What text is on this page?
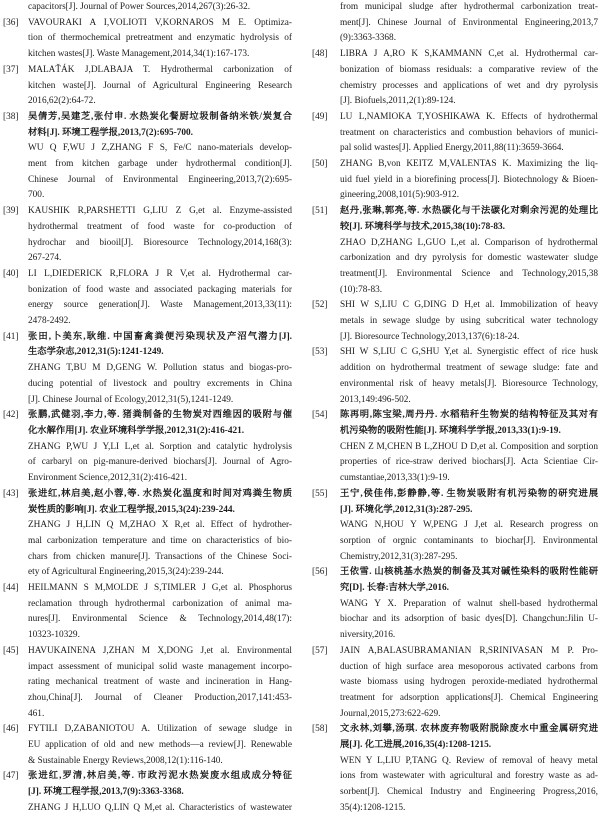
capacitors[J]. Journal of Power Sources,2014,267(3):26-32.
[36]	VAVOURAKI A I,VOLIOTI V,KORNAROS M E. Optimiza-
tion of thermochemical pretreatment and enzymatic hydrolysis of
kitchen wastes[J]. Waste Management,2014,34(1):167-173.
[37]	MALAŤÁK J,DLABAJA T. Hydrothermal carbonization of
kitchen waste[J]. Journal of Agricultural Engineering Research
2016,62(2):64-72.
[38]	吴倩芳,吴建芝,张付申. 水热炭化餐厨垃圾制备纳米铁/炭复合
材料[J]. 环境工程学报,2013,7(2):695-700.
WU Q F,WU J Z,ZHANG F S, Fe/C nano-materials develop-
ment from kitchen garbage under hydrothermal condition[J].
Chinese Journal of Environmental Engineering,2013,7(2):695-
700.
[39]	KAUSHIK R,PARSHETTI G,LIU Z G,et al. Enzyme-assisted
hydrothermal treatment of food waste for co-production of
hydrochar and biooil[J]. Bioresource Technology,2014,168(3):
267-274.
[40]	LI L,DIEDERICK R,FLORA J R V,et al. Hydrothermal car-
bonization of food waste and associated packaging materials for
energy source generation[J]. Waste Management,2013,33(11):
2478-2492.
[41]	张田,卜美东,耿维. 中国畜禽粪便污染现状及产沼气潜力[J].
生态学杂志,2012,31(5):1241-1249.
ZHANG T,BU M D,GENG W. Pollution status and biogas-pro-
ducing potential of livestock and poultry excrements in China
[J]. Chinese Journal of Ecology,2012,31(5),1241-1249.
[42]	张鹏,武健羽,李力,等. 猪粪制备的生物炭对西维因的吸附与催
化水解作用[J]. 农业环境科学学报,2012,31(2):416-421.
ZHANG P,WU J Y,LI L,et al. Sorption and catalytic hydrolysis
of carbaryl on pig-manure-derived biochars[J]. Journal of Agro-
Environment Science,2012,31(2):416-421.
[43]	张进红,林启美,赵小蓉,等. 水热炭化温度和时间对鸡粪生物质
炭性质的影响[J]. 农业工程学报,2015,3(24):239-244.
ZHANG J H,LIN Q M,ZHAO X R,et al. Effect of hydrother-
mal carbonization temperature and time on characteristics of bio-
chars from chicken manure[J]. Transactions of the Chinese Soci-
ety of Agricultural Engineering,2015,3(24):239-244.
[44]	HEILMANN S M,MOLDE J S,TIMLER J G,et al. Phosphorus
reclamation through hydrothermal carbonization of animal ma-
nures[J]. Environmental Science & Technology,2014,48(17):
10323-10329.
[45]	HAVUKAINENA J,ZHAN M X,DONG J,et al. Environmental
impact assessment of municipal solid waste management incorpo-
rating mechanical treatment of waste and incineration in Hang-
zhou,China[J]. Journal of Cleaner Production,2017,141:453-
461.
[46]	FYTILI D,ZABANIOTOU A. Utilization of sewage sludge in
EU application of old and new methods—a review[J]. Renewable
& Sustainable Energy Reviews,2008,12(1):116-140.
[47]	张进红,罗清,林启美,等. 市政污泥水热炭废水组成成分特征
[J]. 环境工程学报,2013,7(9):3363-3368.
ZHANG J H,LUO Q,LIN Q M,et al. Characteristics of wastewater
from municipal sludge after hydrothermal carbonization treat-
ment[J]. Chinese Journal of Environmental Engineering,2013,7
(9):3363-3368.
[48]	LIBRA J A,RO K S,KAMMANN C,et al. Hydrothermal car-
bonization of biomass residuals: a comparative review of the
chemistry processes and applications of wet and dry pyrolysis
[J]. Biofuels,2011,2(1):89-124.
[49]	LU L,NAMIOKA T,YOSHIKAWA K. Effects of hydrothermal
treatment on characteristics and combustion behaviors of munici-
pal solid wastes[J]. Applied Energy,2011,88(11):3659-3664.
[50]	ZHANG B,von KEITZ M,VALENTAS K. Maximizing the liq-
uid fuel yield in a biorefining process[J]. Biotechnology & Bioen-
gineering,2008,101(5):903-912.
[51]	赵丹,张琳,郭亮,等. 水热碳化与干法碳化对剩余污泥的处理比
较[J]. 环境科学与技术,2015,38(10):78-83.
ZHAO D,ZHANG L,GUO L,et al. Comparison of hydrothermal
carbonization and dry pyrolysis for domestic wastewater sludge
treatment[J]. Environmental Science and Technology,2015,38
(10):78-83.
[52]	SHI W S,LIU C G,DING D H,et al. Immobilization of heavy
metals in sewage sludge by using subcritical water technology
[J]. Bioresource Technology,2013,137(6):18-24.
[53]	SHI W S,LIU C G,SHU Y,et al. Synergistic effect of rice husk
addition on hydrothermal treatment of sewage sludge: fate and
environmental risk of heavy metals[J]. Bioresource Technology,
2013,149:496-502.
[54]	陈再明,陈宝梁,周丹丹. 水稻秸秆生物炭的结构特征及其对有
机污染物的吸附性能[J]. 环境科学学报,2013,33(1):9-19.
CHEN Z M,CHEN B L,ZHOU D D,et al. Composition and sorption
properties of rice-straw derived biochars[J]. Acta Scientiae Cir-
cumstantiae,2013,33(1):9-19.
[55]	王宁,侯佳伟,彭静静,等. 生物炭吸附有机污染物的研究进展
[J]. 环境化学,2012,31(3):287-295.
WANG N,HOU Y W,PENG J J,et al. Research progress on
sorption of orgnic contaminants to biochar[J]. Environmental
Chemistry,2012,31(3):287-295.
[56]	王依雪. 山核桃基水热炭的制备及其对碱性染料的吸附性能研
究[D]. 长春:吉林大学,2016.
WANG Y X. Preparation of walnut shell-based hydrothermal
biochar and its adsorption of basic dyes[D]. Changchun:Jilin U-
niversity,2016.
[57]	JAIN A,BALASUBRAMANIAN R,SRINIVASAN M P. Pro-
duction of high surface area mesoporous activated carbons from
waste biomass using hydrogen peroxide-mediated hydrothermal
treatment for adsorption applications[J]. Chemical Engineering
Journal,2015,273:622-629.
[58]	文永林,刘攀,汤琪. 农林废弃物吸附脱除废水中重金属研究进
展[J]. 化工进展,2016,35(4):1208-1215.
WEN Y L,LIU P,TANG Q. Review of removal of heavy metal
ions from wastewater with agricultural and forestry waste as ad-
sorbent[J]. Chemical Industry and Engineering Progress,2016,
35(4):1208-1215.
